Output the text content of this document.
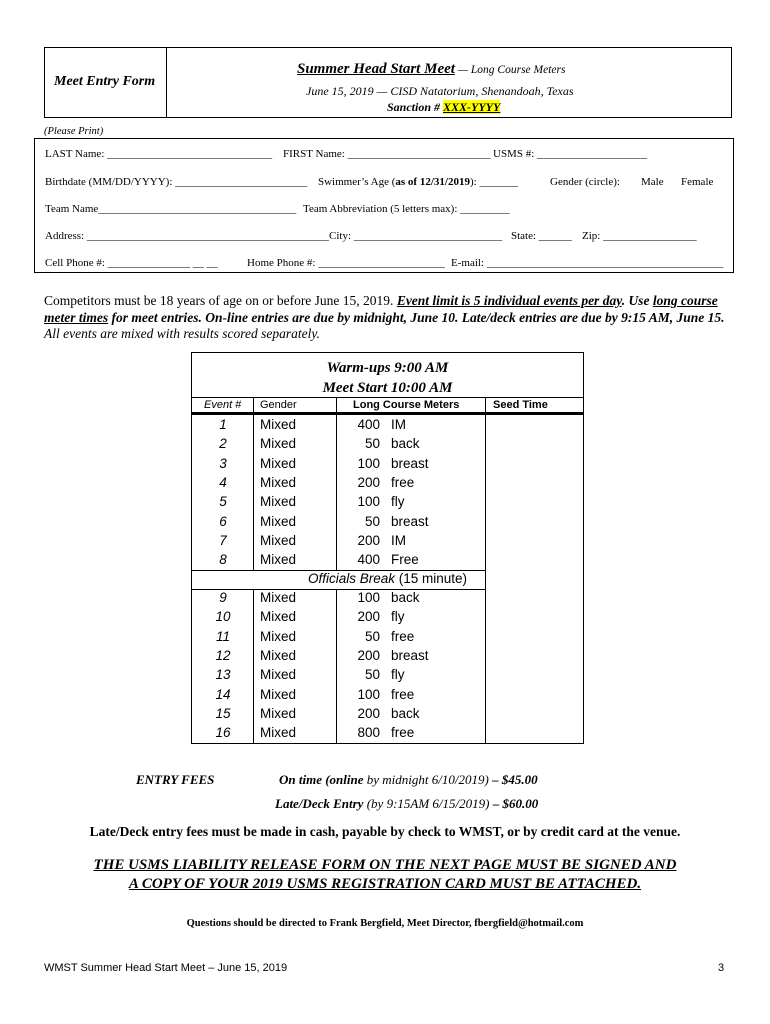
Meet Entry Form
Summer Head Start Meet — Long Course Meters
June 15, 2019 — CISD Natatorium, Shenandoah, Texas
Sanction # XXX-YYYY
(Please Print)
LAST Name: ______________________________ FIRST Name: __________________________ USMS #: ____________________
Birthdate (MM/DD/YYYY): ________________________ Swimmer’s Age (as of 12/31/2019): _______	Gender (circle): Male Female
Team Name____________________________________ Team Abbreviation (5 letters max): _________
Address: ____________________________________________ City: ___________________________ State: ______ Zip: _________________
Cell Phone #: _______________ __ __	Home Phone #: _______________________ E-mail: ___________________________________________
Competitors must be 18 years of age on or before June 15, 2019. Event limit is 5 individual events per day. Use long course meter times for meet entries. On-line entries are due by midnight, June 10. Late/deck entries are due by 9:15 AM, June 15. All events are mixed with results scored separately.
Warm-ups 9:00 AM
Meet Start 10:00 AM
Event # Gender	Long Course Meters	Seed Time
1	Mixed	400 IM
2	Mixed	50 back
3	Mixed	100 breast
4	Mixed	200 free
5	Mixed	100 fly
6	Mixed	50 breast
7	Mixed	200 IM
8	Mixed	400 Free
9	Mixed	100 back
10	Mixed	200 fly
11	Mixed	50 free
12	Mixed	200 breast
13	Mixed	50 fly
14	Mixed	100 free
15	Mixed	200 back
16	Mixed	800 free
Officials Break (15 minute)
ENTRY FEES	On time (online by midnight 6/10/2019) – $45.00
Late/Deck Entry (by 9:15AM 6/15/2019) – $60.00
Late/Deck entry fees must be made in cash, payable by check to WMST, or by credit card at the venue.
THE USMS LIABILITY RELEASE FORM ON THE NEXT PAGE MUST BE SIGNED AND
A COPY OF YOUR 2019 USMS REGISTRATION CARD MUST BE ATTACHED.
Questions should be directed to Frank Bergfield, Meet Director, fbergfield@hotmail.com
WMST Summer Head Start Meet – June 15, 2019	3
